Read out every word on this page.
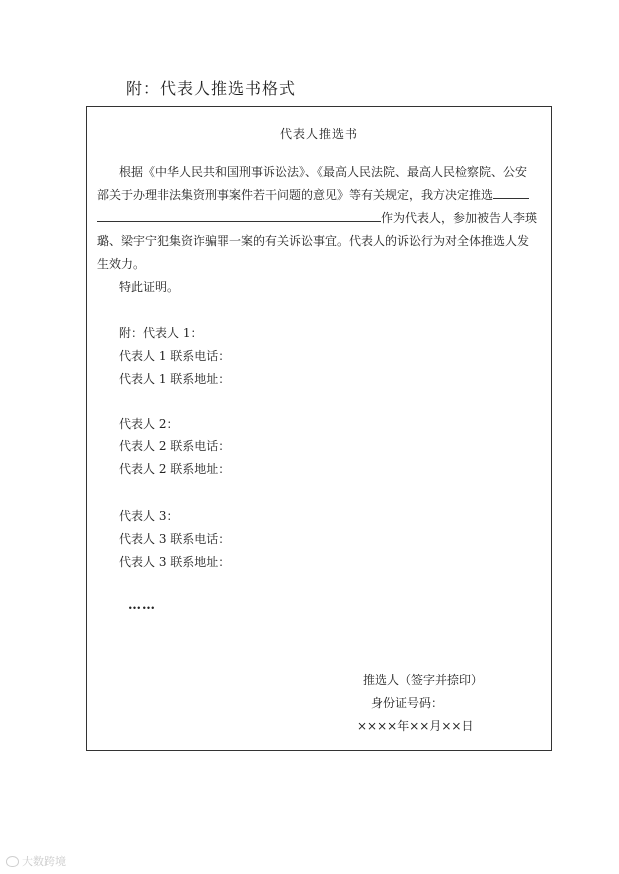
附：代表人推选书格式
代表人推选书
根据《中华人民共和国刑事诉讼法》、《最高人民法院、最高人民检察院、公安
部关于办理非法集资刑事案件若干问题的意见》等有关规定，我方决定推选
作为代表人，参加被告人李瑛
璐、梁宇宁犯集资诈骗罪一案的有关诉讼事宜。代表人的诉讼行为对全体推选人发
生效力。
特此证明。
附：代表人 1：
代表人 1 联系电话：
代表人 1 联系地址：
代表人 2：
代表人 2 联系电话：
代表人 2 联系地址：
代表人 3：
代表人 3 联系电话：
代表人 3 联系地址：
……
推选人（签字并捺印）
身份证号码：
××××年××月××日
大数跨境
